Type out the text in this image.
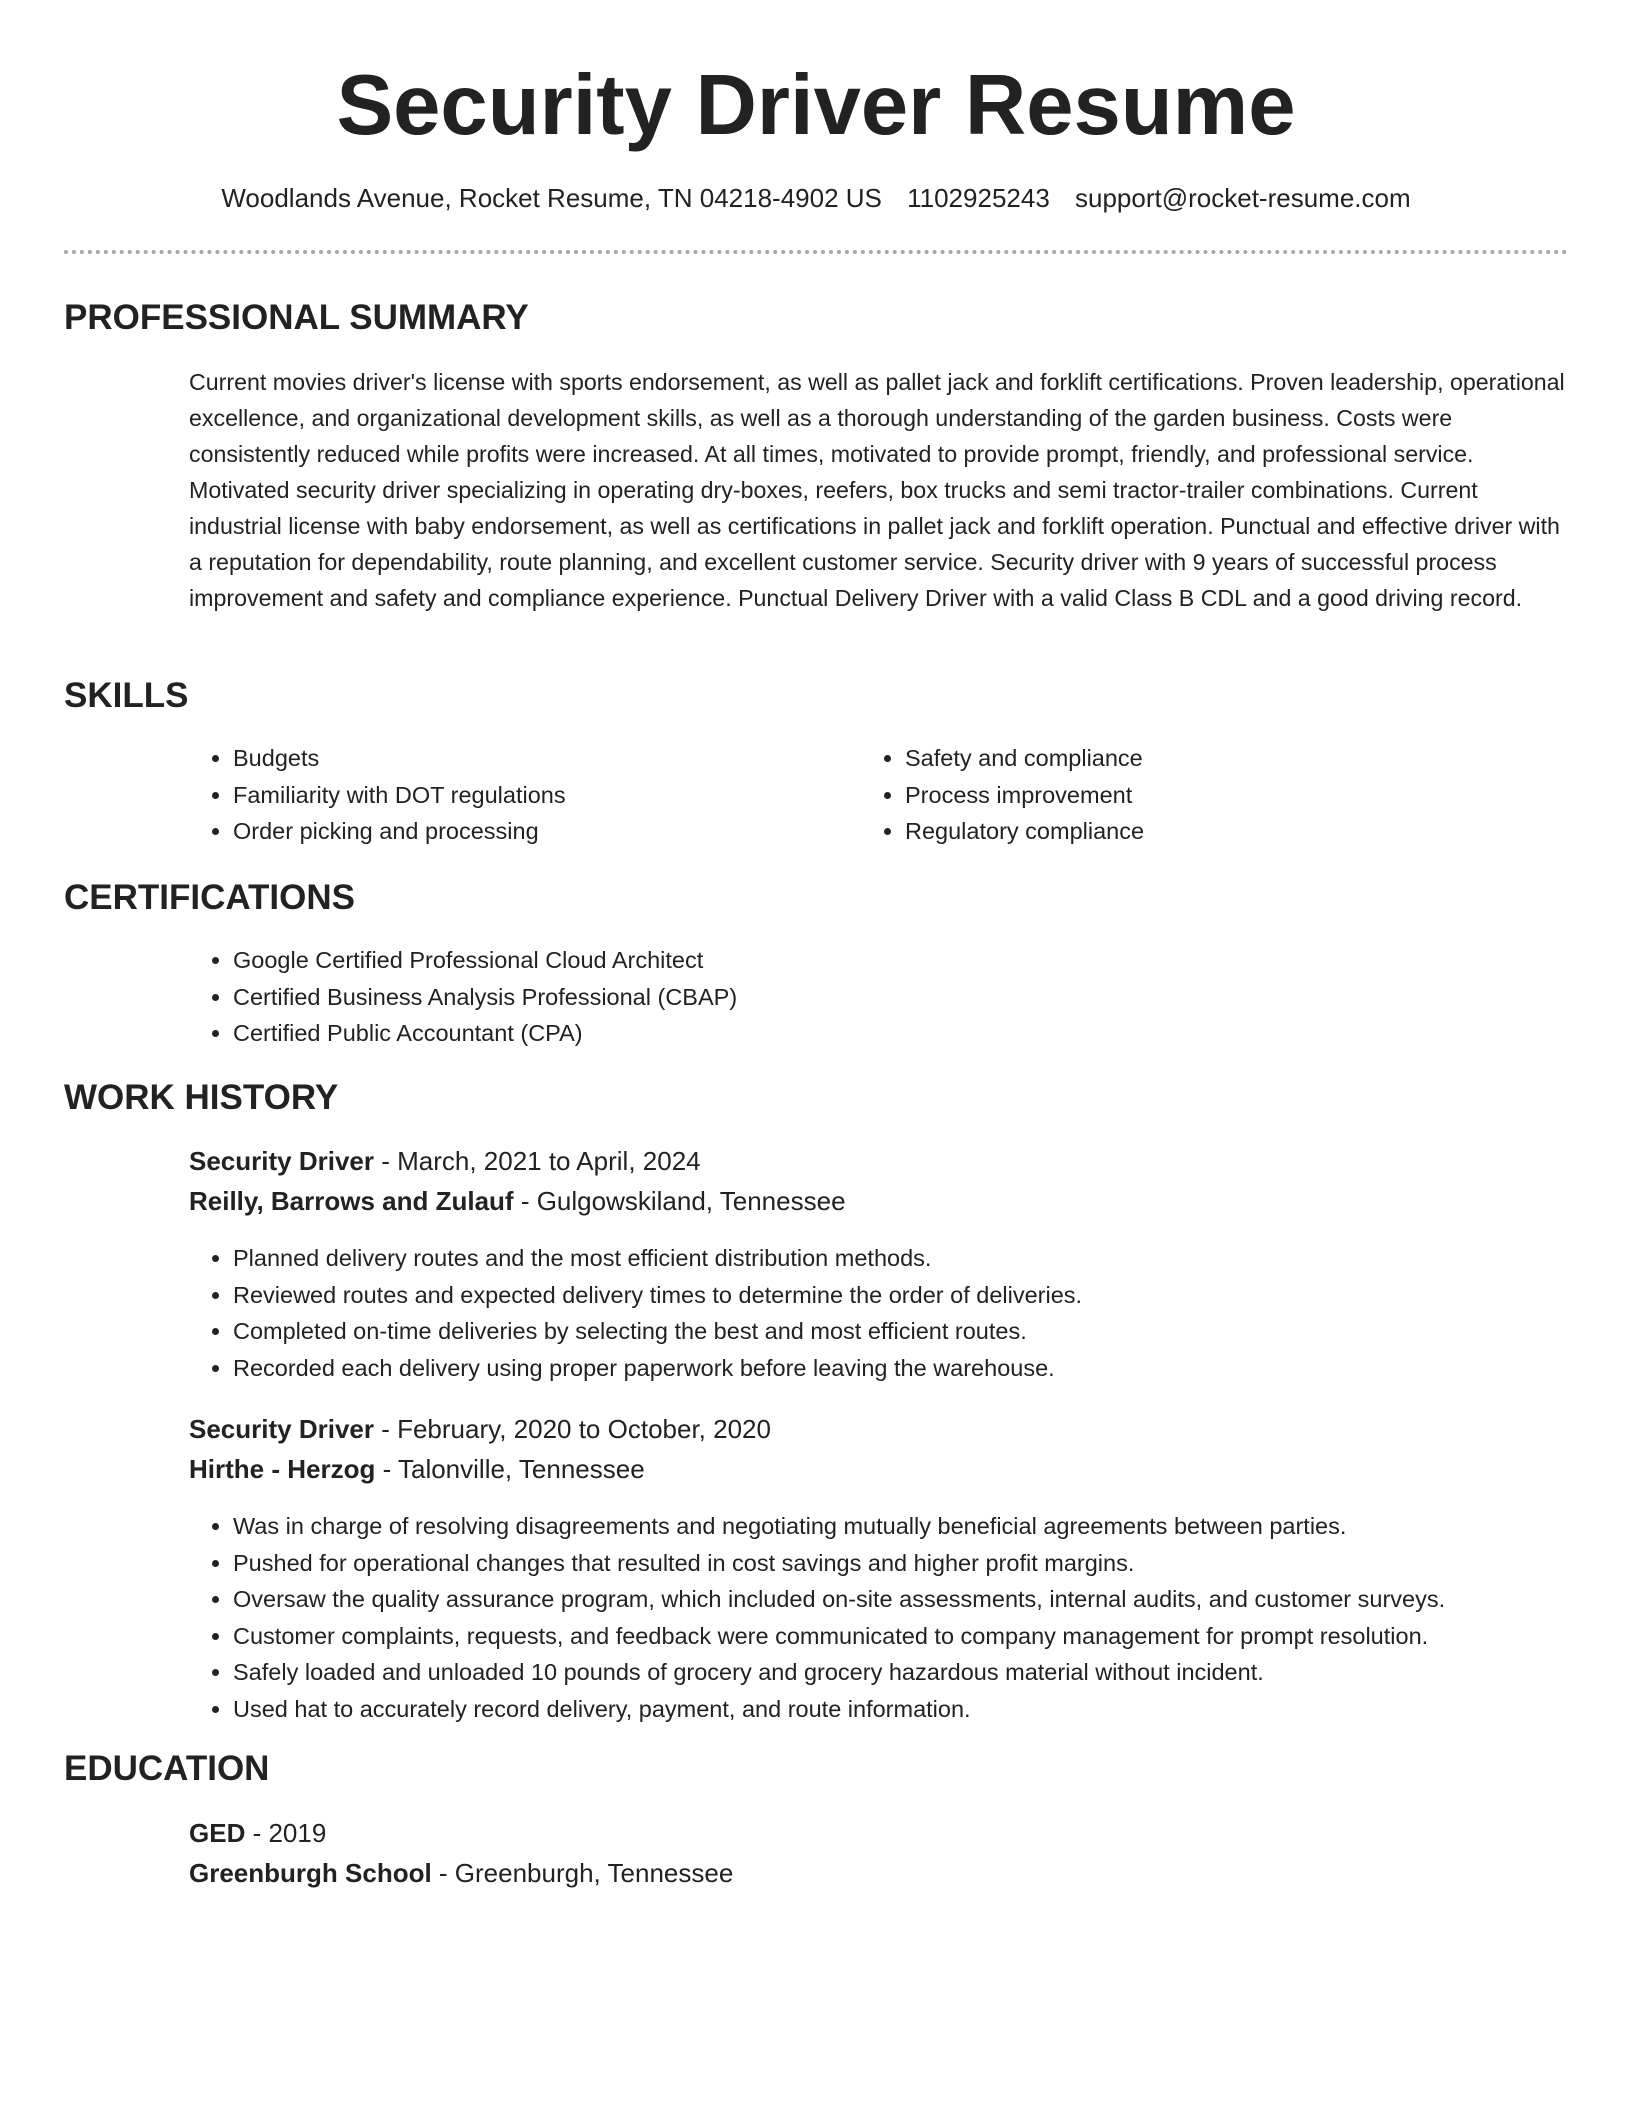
Security Driver Resume
Woodlands Avenue, Rocket Resume, TN 04218-4902 US 1102925243 support@rocket-resume.com
PROFESSIONAL SUMMARY

Current movies driver's license with sports endorsement, as well as pallet jack and forklift certifications. Proven leadership, operational excellence, and organizational development skills, as well as a thorough understanding of the garden business. Costs were consistently reduced while profits were increased. At all times, motivated to provide prompt, friendly, and professional service. Motivated security driver specializing in operating dry-boxes, reefers, box trucks and semi tractor-trailer combinations. Current industrial license with baby endorsement, as well as certifications in pallet jack and forklift operation. Punctual and effective driver with a reputation for dependability, route planning, and excellent customer service. Security driver with 9 years of successful process improvement and safety and compliance experience. Punctual Delivery Driver with a valid Class B CDL and a good driving record.

SKILLS
• Budgets
• Familiarity with DOT regulations
• Order picking and processing
• Safety and compliance
• Process improvement
• Regulatory compliance
CERTIFICATIONS
• Google Certified Professional Cloud Architect
• Certified Business Analysis Professional (CBAP)
• Certified Public Accountant (CPA)
WORK HISTORY
Security Driver - March, 2021 to April, 2024
Reilly, Barrows and Zulauf - Gulgowskiland, Tennessee
• Planned delivery routes and the most efficient distribution methods.
• Reviewed routes and expected delivery times to determine the order of deliveries.
• Completed on-time deliveries by selecting the best and most efficient routes.
• Recorded each delivery using proper paperwork before leaving the warehouse.
Security Driver - February, 2020 to October, 2020
Hirthe - Herzog - Talonville, Tennessee
• Was in charge of resolving disagreements and negotiating mutually beneficial agreements between parties.
• Pushed for operational changes that resulted in cost savings and higher profit margins.
• Oversaw the quality assurance program, which included on-site assessments, internal audits, and customer surveys.
• Customer complaints, requests, and feedback were communicated to company management for prompt resolution.
• Safely loaded and unloaded 10 pounds of grocery and grocery hazardous material without incident.
• Used hat to accurately record delivery, payment, and route information.
EDUCATION
GED - 2019
Greenburgh School - Greenburgh, Tennessee
